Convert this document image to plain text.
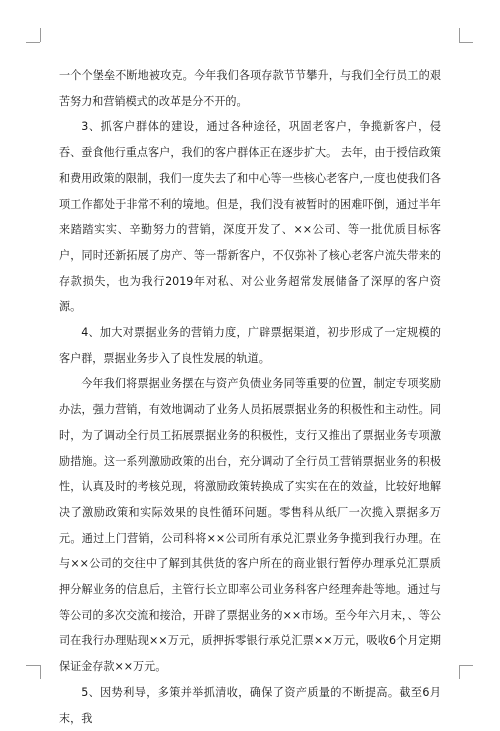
一个个堡垒不断地被攻克。今年我们各项存款节节攀升，与我们全行员工的艰苦努力和营销模式的改革是分不开的。

3、抓客户群体的建设，通过各种途径，巩固老客户，争揽新客户，侵吞、蚕食他行重点客户，我们的客户群体正在逐步扩大。 去年，由于授信政策和费用政策的限制，我们一度失去了和中心等一些核心老客户,一度也使我们各项工作都处于非常不利的境地。但是，我们没有被暂时的困难吓倒，通过半年来踏踏实实、辛勤努力的营销，深度开发了、××公司、等一批优质目标客户，同时还新拓展了房产、等一帮新客户，不仅弥补了核心老客户流失带来的存款损失，也为我行2019年对私、对公业务超常发展储备了深厚的客户资源。

4、加大对票据业务的营销力度，广辟票据渠道，初步形成了一定规模的客户群，票据业务步入了良性发展的轨道。

今年我们将票据业务摆在与资产负债业务同等重要的位置，制定专项奖励办法，强力营销，有效地调动了业务人员拓展票据业务的积极性和主动性。同时，为了调动全行员工拓展票据业务的积极性，支行又推出了票据业务专项激励措施。这一系列激励政策的出台，充分调动了全行员工营销票据业务的积极性，认真及时的考核兑现，将激励政策转换成了实实在在的效益，比较好地解决了激励政策和实际效果的良性循环问题。零售科从纸厂一次揽入票据多万元。通过上门营销，公司科将××公司所有承兑汇票业务争揽到我行办理。在与××公司的交往中了解到其供货的客户所在的商业银行暂停办理承兑汇票质押分解业务的信息后，主管行长立即率公司业务科客户经理奔赴等地。通过与等公司的多次交流和接洽，开辟了票据业务的××市场。至今年六月末，、等公司在我行办理贴现××万元，质押拆零银行承兑汇票××万元，吸收6个月定期保证金存款××万元。

5、因势利导，多策并举抓清收，确保了资产质量的不断提高。截至6月末，我
